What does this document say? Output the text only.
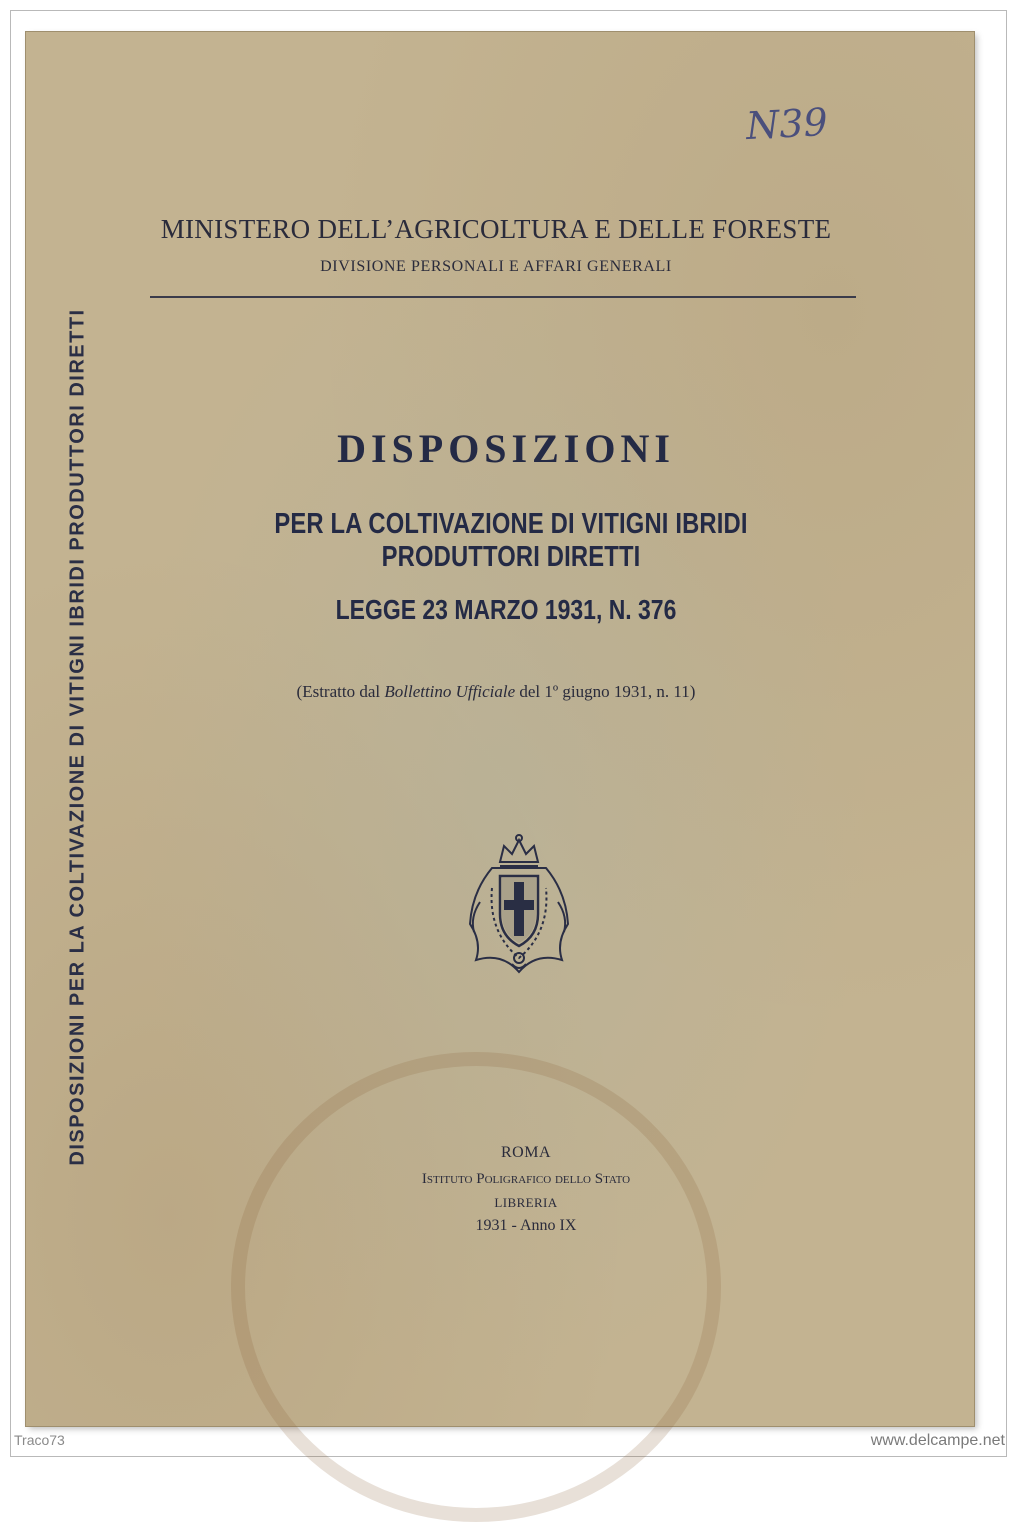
DISPOSIZIONI PER LA COLTIVAZIONE DI VITIGNI IBRIDI PRODUTTORI DIRETTI
N39
MINISTERO DELL’AGRICOLTURA E DELLE FORESTE
DIVISIONE PERSONALI E AFFARI GENERALI
DISPOSIZIONI
PER LA COLTIVAZIONE DI VITIGNI IBRIDI PRODUTTORI DIRETTI
LEGGE 23 MARZO 1931, N. 376
(Estratto dal Bollettino Ufficiale del 1º giugno 1931, n. 11)
ROMA
Istituto Poligrafico dello Stato
LIBRERIA
1931 - Anno IX
Traco73	www.delcampe.net
